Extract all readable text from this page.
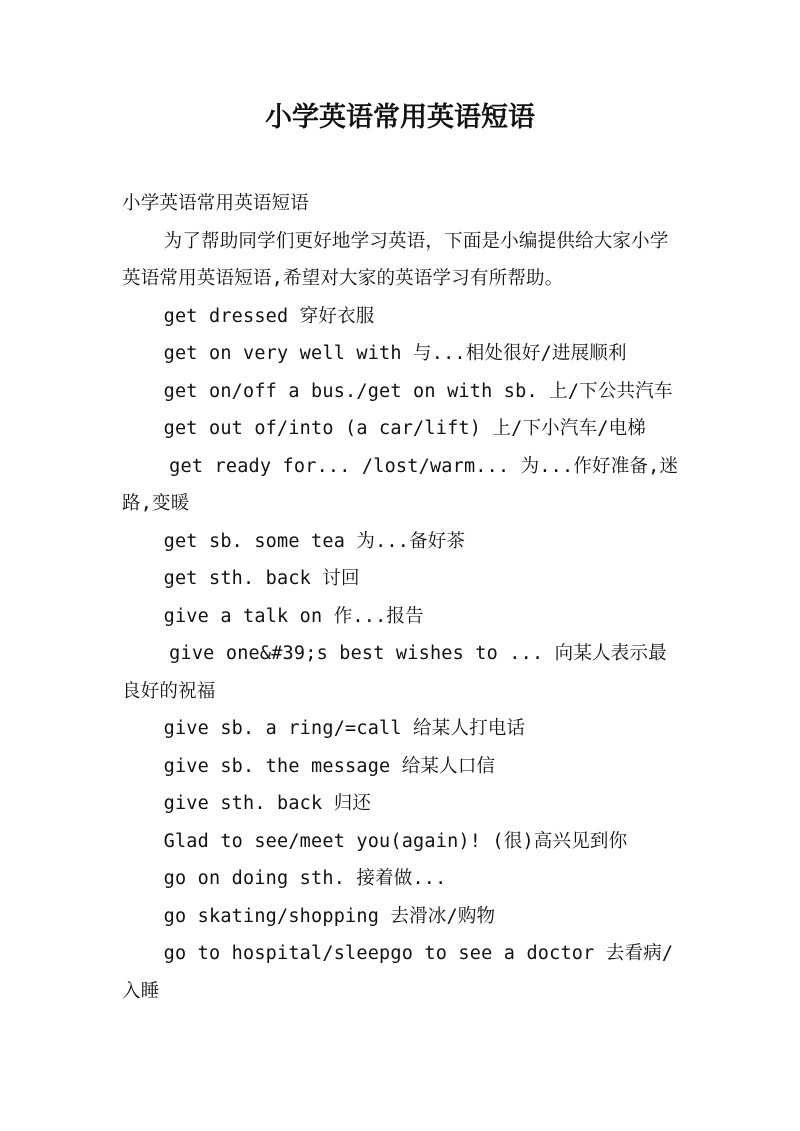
小学英语常用英语短语

小学英语常用英语短语

为了帮助同学们更好地学习英语，下面是小编提供给大家小学英语常用英语短语,希望对大家的英语学习有所帮助。

get dressed 穿好衣服

get on very well with 与...相处很好/进展顺利

get on/off a bus./get on with sb. 上/下公共汽车

get out of/into (a car/lift) 上/下小汽车/电梯

get ready for... /lost/warm... 为...作好准备,迷路,变暖

get sb. some tea 为...备好茶

get sth. back 讨回

give a talk on 作...报告

give one&#39;s best wishes to ... 向某人表示最良好的祝福

give sb. a ring/=call 给某人打电话

give sb. the message 给某人口信

give sth. back 归还

Glad to see/meet you(again)! (很)高兴见到你

go on doing sth. 接着做...

go skating/shopping 去滑冰/购物

go to hospital/sleepgo to see a doctor 去看病/入睡
